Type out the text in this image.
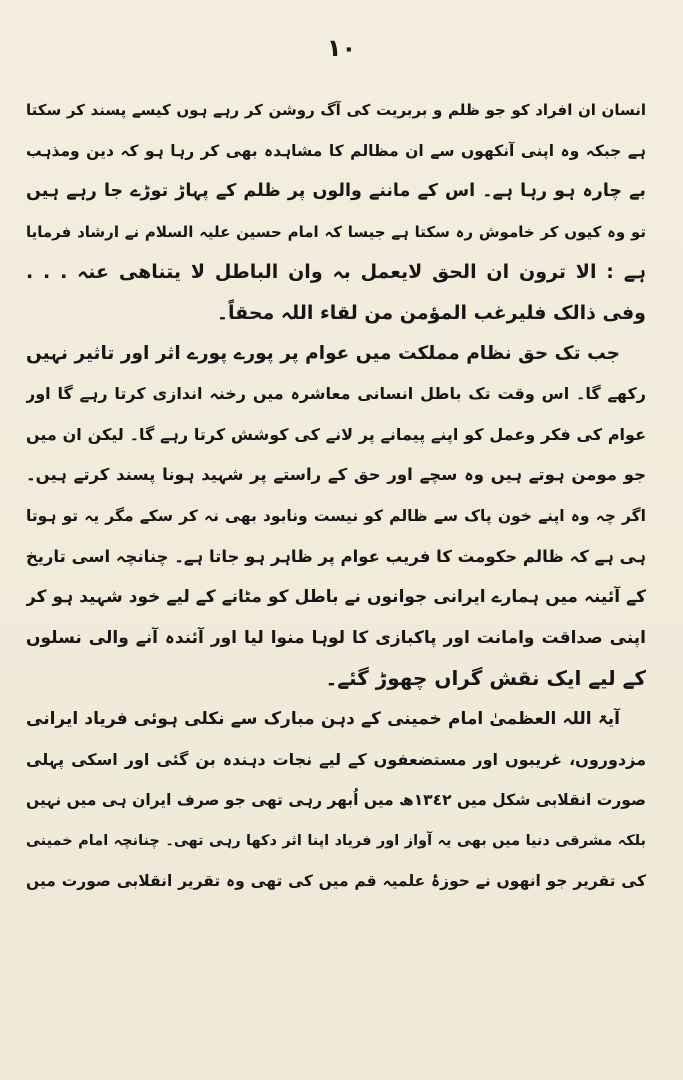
١٠
انسان ان افراد کو جو ظلم و بربریت کی آگ روشن کر رہے ہوں کیسے پسند کر سکتا
ہے جبکہ وہ اپنی آنکھوں سے ان مظالم کا مشاہدہ بھی کر رہا ہو کہ دین ومذہب
بے چارہ ہو رہا ہے۔ اس کے ماننے والوں پر ظلم کے پہاڑ توڑے جا رہے ہیں
تو وہ کیوں کر خاموش رہ سکتا ہے جیسا کہ امام حسین علیہ السلام نے ارشاد فرمایا
ہے : الا ترون ان الحق لایعمل بہ وان الباطل لا یتناھی عنہ . . .
وفی ذالک فلیرغب المؤمن من لقاء اللہ محقاً۔
جب تک حق نظام مملکت میں عوام پر پورے پورے اثر اور تاثیر نہیں
رکھے گا۔ اس وقت تک باطل انسانی معاشرہ میں رخنہ اندازی کرتا رہے گا اور
عوام کی فکر وعمل کو اپنے پیمانے پر لانے کی کوشش کرتا رہے گا۔ لیکن ان میں
جو مومن ہوتے ہیں وہ سچے اور حق کے راستے پر شہید ہونا پسند کرتے ہیں۔
اگر چہ وہ اپنے خون پاک سے ظالم کو نیست ونابود بھی نہ کر سکے مگر یہ تو ہوتا
ہی ہے کہ ظالم حکومت کا فریب عوام پر ظاہر ہو جاتا ہے۔ چنانچہ اسی تاریخ
کے آئینہ میں ہمارے ایرانی جوانوں نے باطل کو مٹانے کے لیے خود شہید ہو کر
اپنی صداقت وامانت اور پاکبازی کا لوہا منوا لیا اور آئندہ آنے والی نسلوں
کے لیے ایک نقش گراں چھوڑ گئے۔
آیۃ اللہ العظمیٰ امام خمینی کے دہن مبارک سے نکلی ہوئی فریاد ایرانی
مزدوروں، غریبوں اور مستضعفوں کے لیے نجات دہندہ بن گئی اور اسکی پہلی
صورت انقلابی شکل میں ١٣٤٢ھ میں اُبھر رہی تھی جو صرف ایران ہی میں نہیں
بلکہ مشرقی دنیا میں بھی یہ آواز اور فریاد اپنا اثر دکھا رہی تھی۔ چنانچہ امام خمینی
کی تقریر جو انھوں نے حوزۂ علمیہ قم میں کی تھی وہ تقریر انقلابی صورت میں
